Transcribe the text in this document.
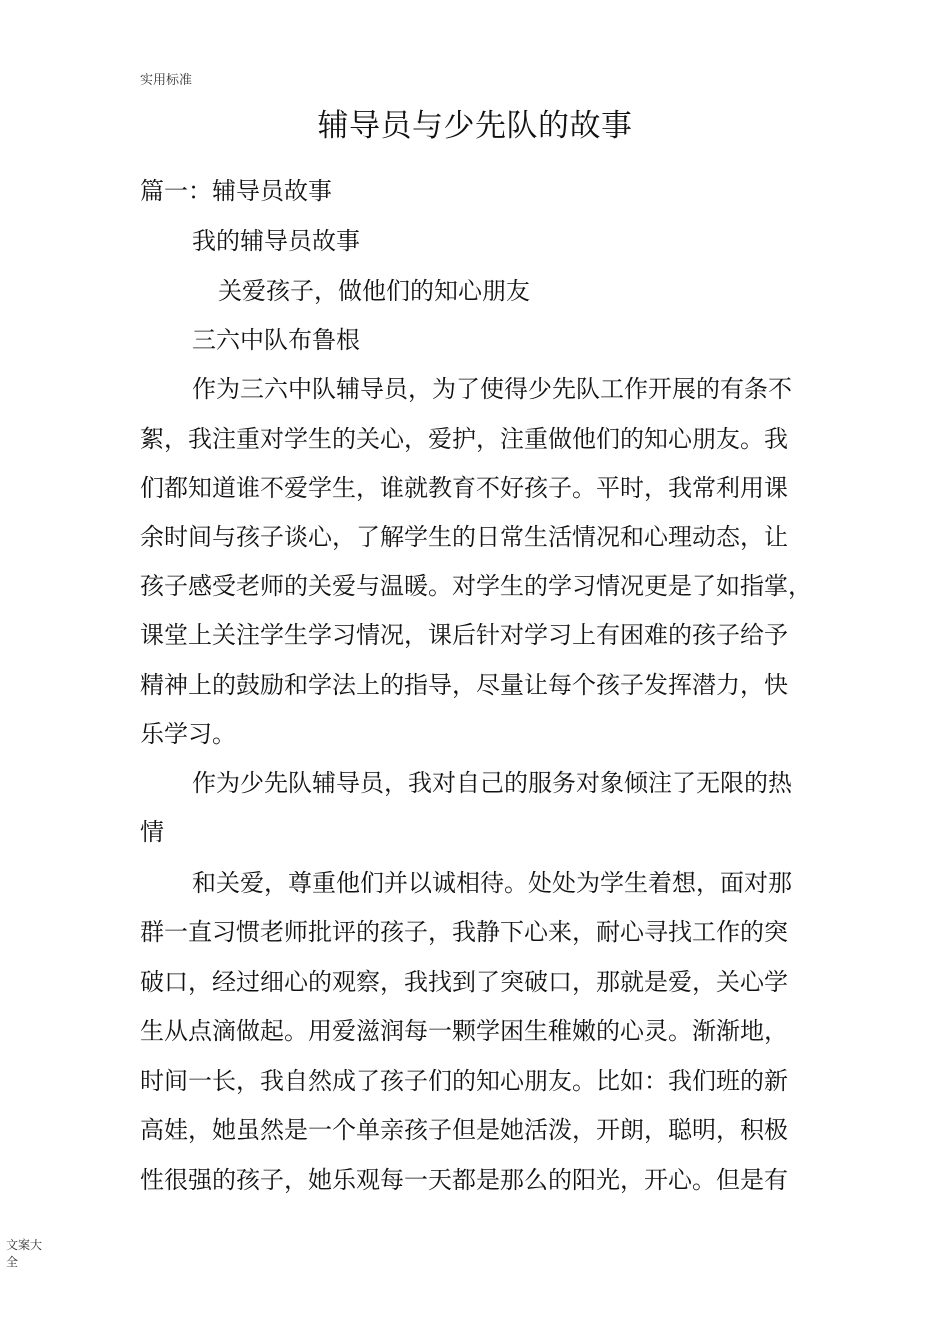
实用标准
辅导员与少先队的故事
篇一：辅导员故事
我的辅导员故事
关爱孩子，做他们的知心朋友
三六中队布鲁根
作为三六中队辅导员，为了使得少先队工作开展的有条不
絮，我注重对学生的关心，爱护，注重做他们的知心朋友。我
们都知道谁不爱学生，谁就教育不好孩子。平时，我常利用课
余时间与孩子谈心，了解学生的日常生活情况和心理动态，让
孩子感受老师的关爱与温暖。对学生的学习情况更是了如指掌，
课堂上关注学生学习情况，课后针对学习上有困难的孩子给予
精神上的鼓励和学法上的指导，尽量让每个孩子发挥潜力，快
乐学习。
作为少先队辅导员，我对自己的服务对象倾注了无限的热
情
和关爱，尊重他们并以诚相待。处处为学生着想，面对那
群一直习惯老师批评的孩子，我静下心来，耐心寻找工作的突
破口，经过细心的观察，我找到了突破口，那就是爱，关心学
生从点滴做起。用爱滋润每一颗学困生稚嫩的心灵。渐渐地，
时间一长，我自然成了孩子们的知心朋友。比如：我们班的新
高娃，她虽然是一个单亲孩子但是她活泼，开朗，聪明，积极
性很强的孩子，她乐观每一天都是那么的阳光，开心。但是有
文案大全
